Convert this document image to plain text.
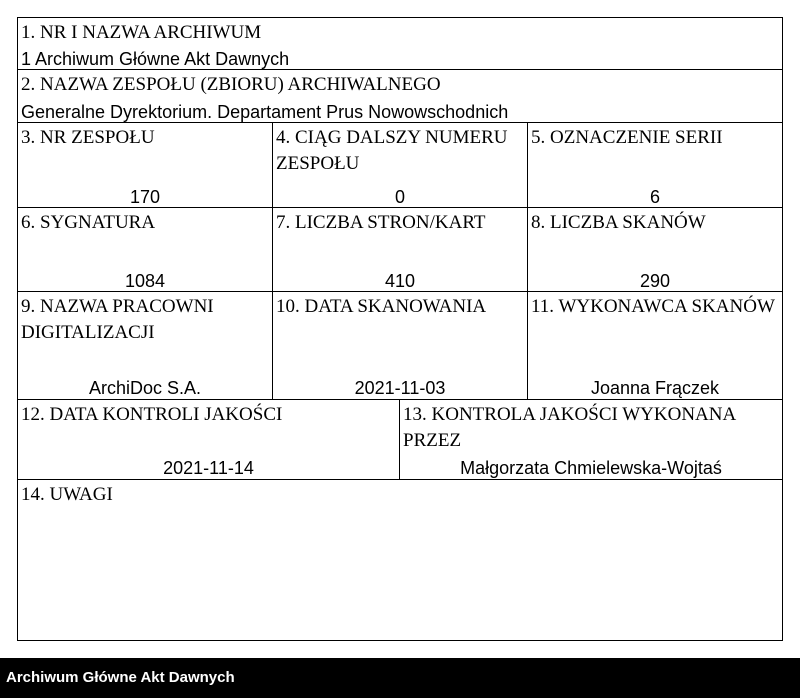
1. NR I NAZWA ARCHIWUM
1 Archiwum Główne Akt Dawnych
2. NAZWA ZESPOŁU (ZBIORU) ARCHIWALNEGO
Generalne Dyrektorium. Departament Prus Nowowschodnich
3. NR ZESPOŁU
170
4. CIĄG DALSZY NUMERU ZESPOŁU
0
5. OZNACZENIE SERII
6
6. SYGNATURA
1084
7. LICZBA STRON/KART
410
8. LICZBA SKANÓW
290
9. NAZWA PRACOWNI DIGITALIZACJI
ArchiDoc S.A.
10. DATA SKANOWANIA
2021-11-03
11. WYKONAWCA SKANÓW
Joanna Frączek
12. DATA KONTROLI JAKOŚCI
2021-11-14
13. KONTROLA JAKOŚCI WYKONANA PRZEZ
Małgorzata Chmielewska-Wojtaś
14. UWAGI
Archiwum Główne Akt Dawnych
